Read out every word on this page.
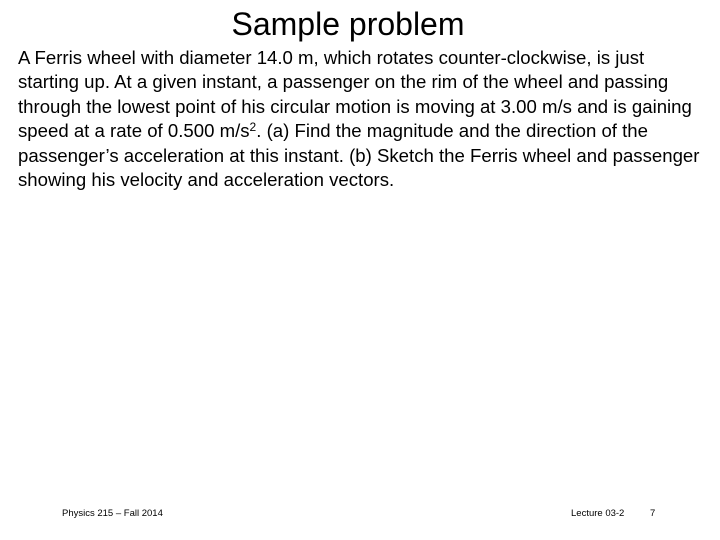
Sample problem

A Ferris wheel with diameter 14.0 m, which rotates counter-clockwise, is just starting up. At a given instant, a passenger on the rim of the wheel and passing through the lowest point of his circular motion is moving at 3.00 m/s and is gaining speed at a rate of 0.500 $m/s^2$. (a) Find the magnitude and the direction of the passenger’s acceleration at this instant. (b) Sketch the Ferris wheel and passenger showing his velocity and acceleration vectors.

Physics 215 – Fall 2014	Lecture 03-2	7
